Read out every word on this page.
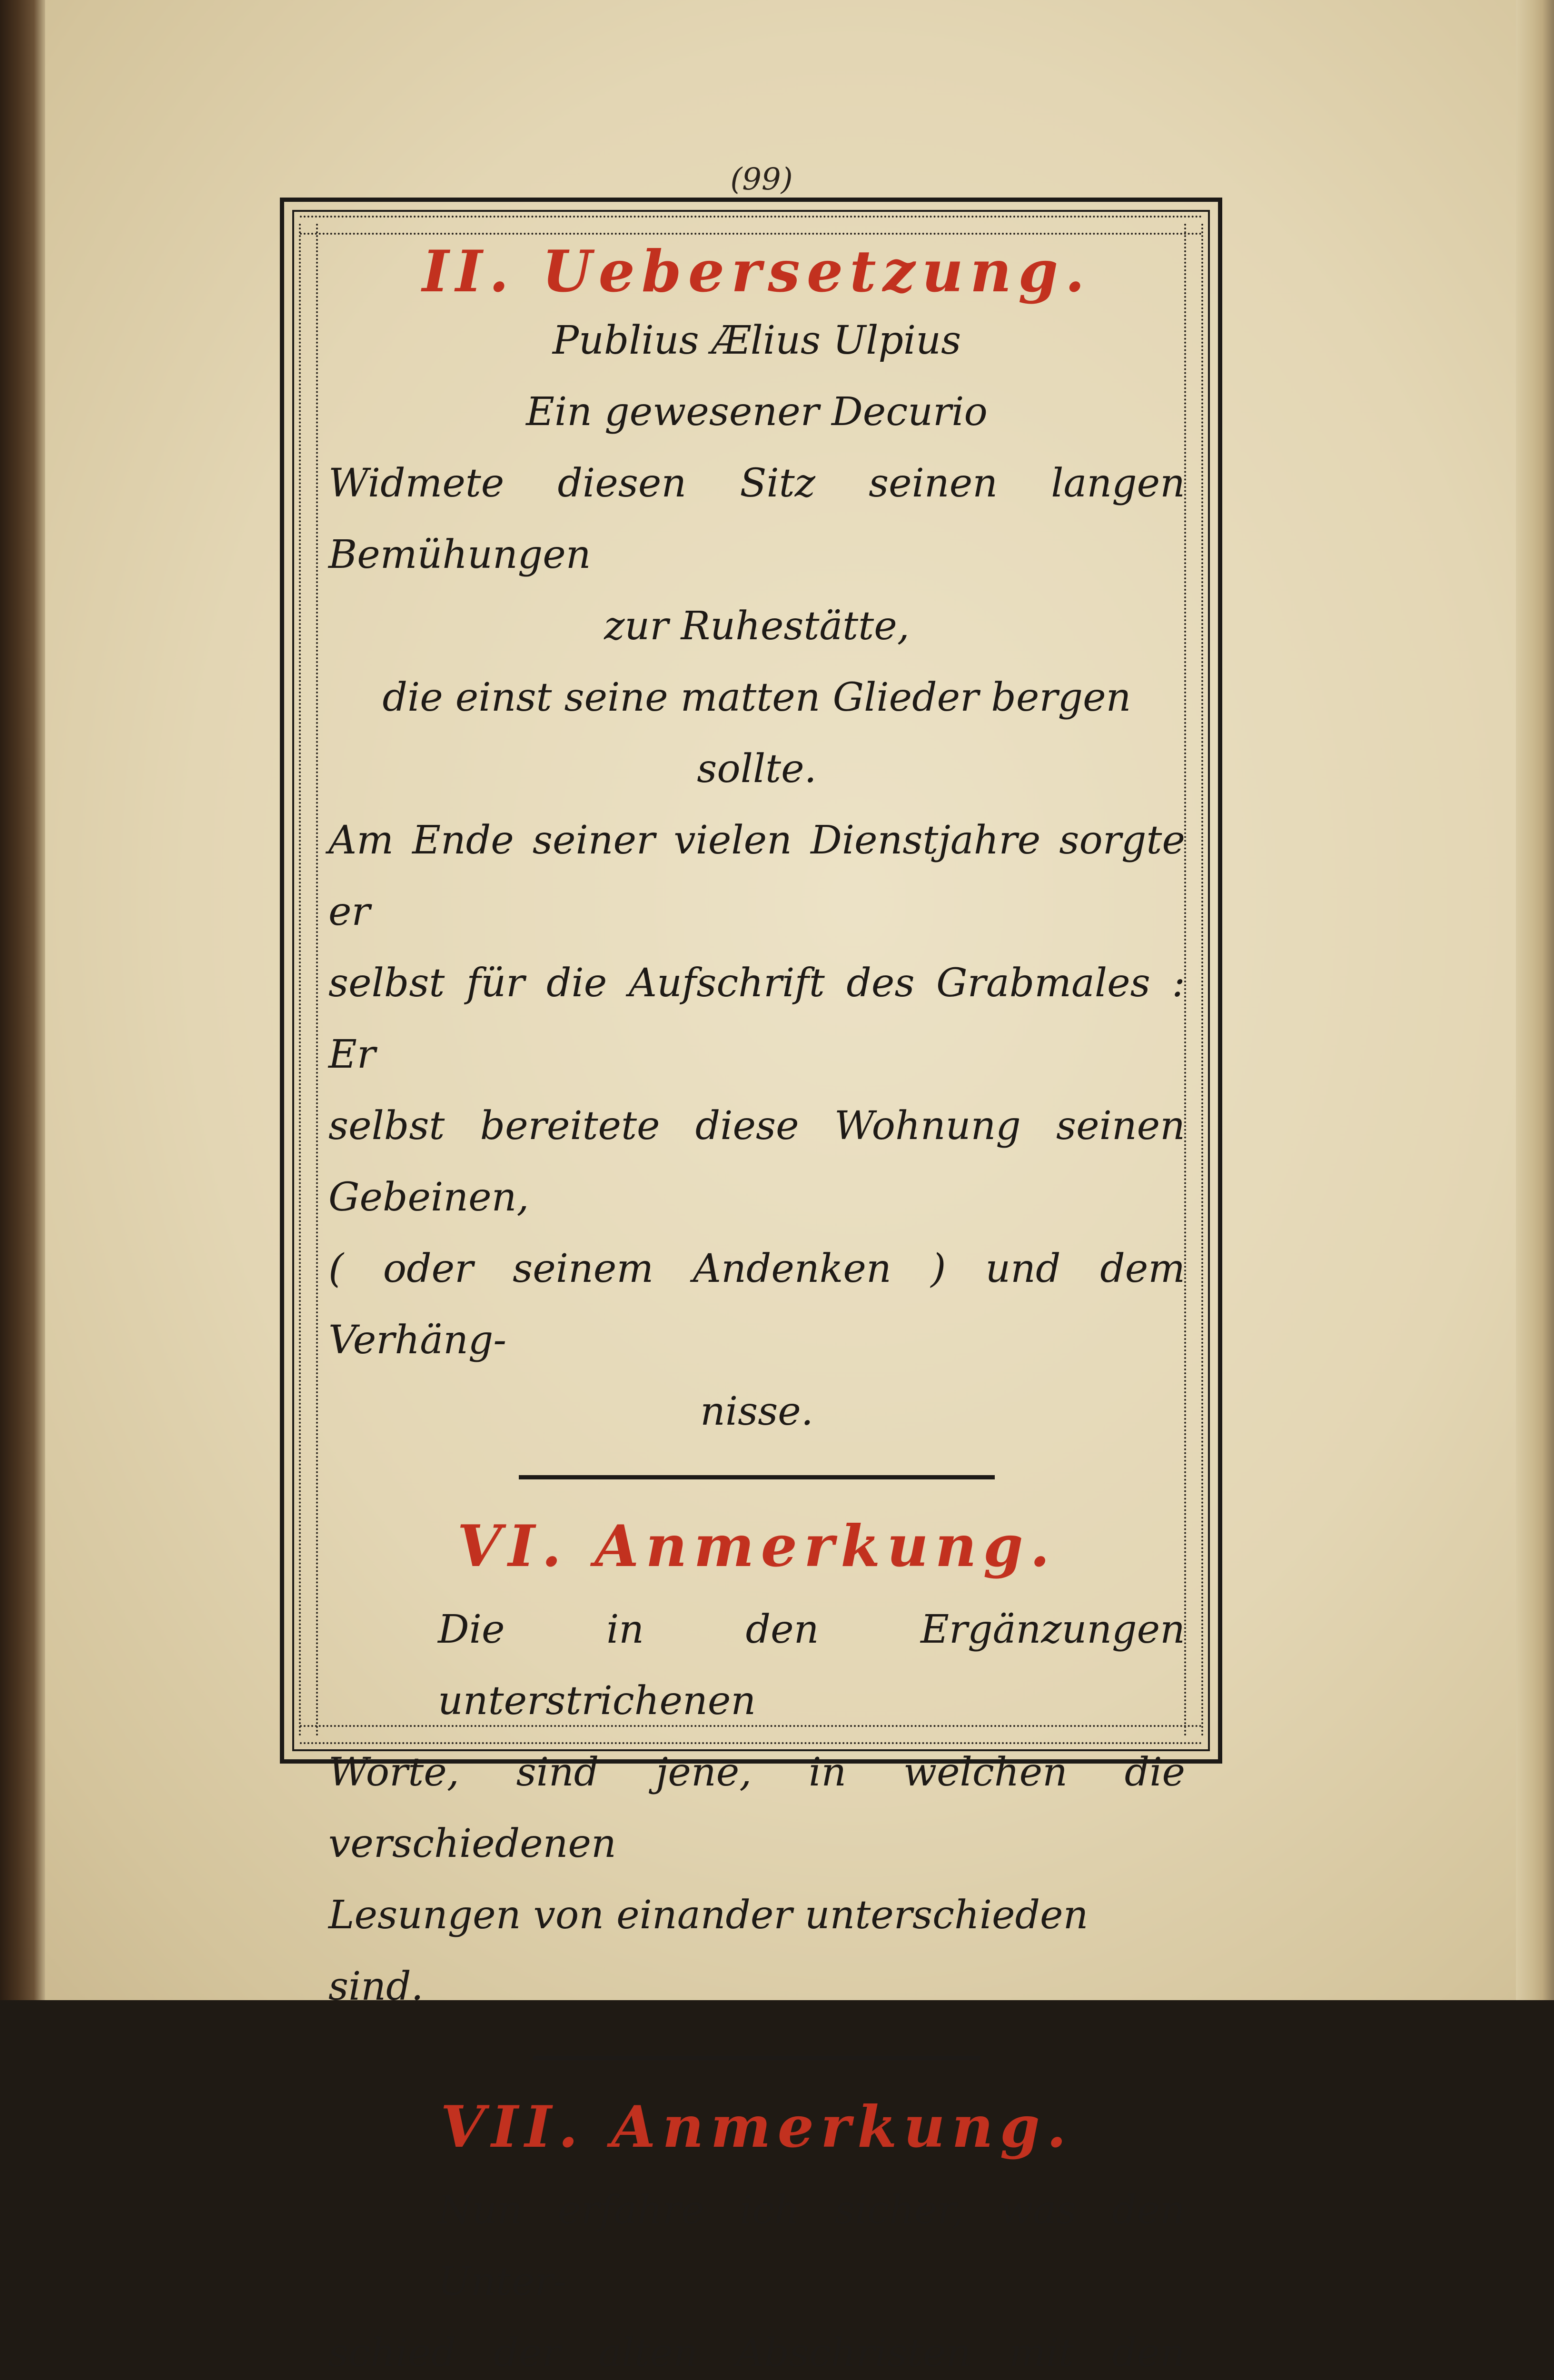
(99)
II. Uebersetzung.
Publius Ælius Ulpius
Ein gewesener Decurio
Widmete diesen Sitz seinen langen Bemühungen
zur Ruhestätte,
die einst seine matten Glieder bergen sollte.
Am Ende seiner vielen Dienstjahre sorgte er
selbst für die Aufschrift des Grabmales : Er
selbst bereitete diese Wohnung seinen Gebeinen,
( oder seinem Andenken ) und dem Verhäng-
nisse.
VI. Anmerkung.
Die in den Ergänzungen unterstrichenen
Worte, sind jene, in welchen die verschiedenen
Lesungen von einander unterschieden sind.
VII. Anmerkung.
Nun erfahre ich sicher, was den Unter-
schied der alten Abschristen mit den
